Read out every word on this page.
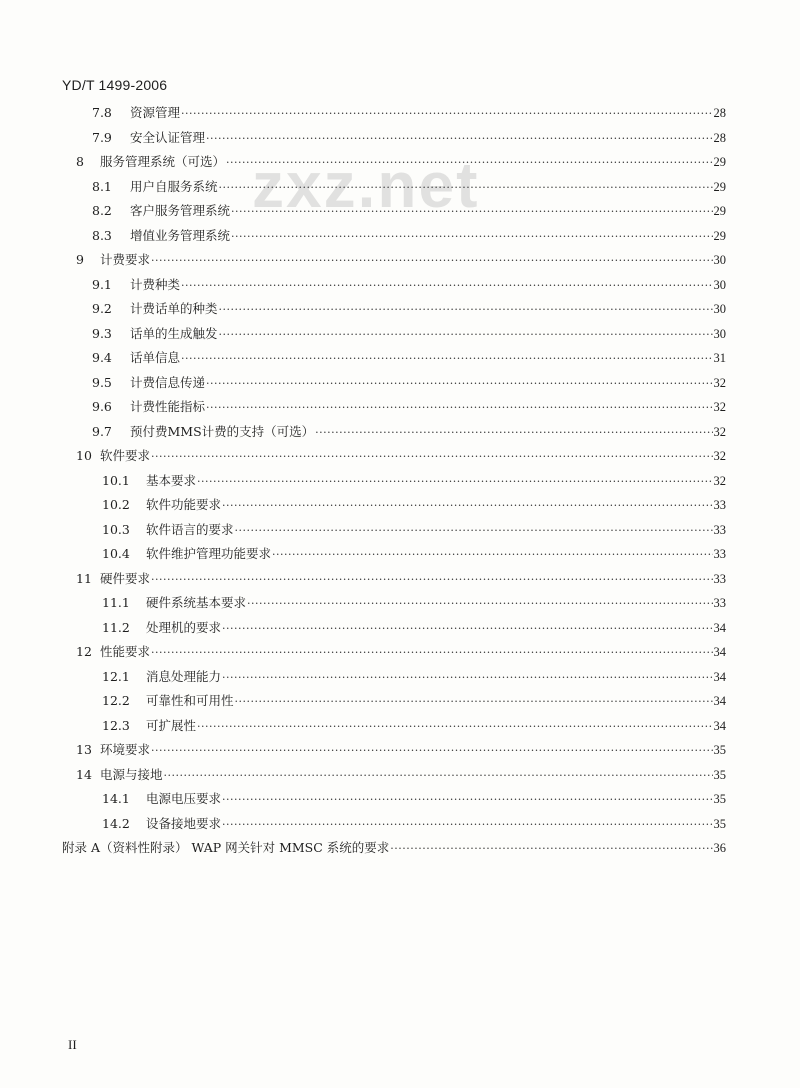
YD/T 1499-2006
zxz.net
7.8	资源管理 ·····	28
7.9	安全认证管理 ·····	28
8	服务管理系统（可选） ·····	29
8.1	用户自服务系统 ·····	29
8.2	客户服务管理系统 ·····	29
8.3	增值业务管理系统 ·····	29
9	计费要求 ·····	30
9.1	计费种类 ·····	30
9.2	计费话单的种类 ·····	30
9.3	话单的生成触发 ·····	30
9.4	话单信息 ·····	31
9.5	计费信息传递 ·····	32
9.6	计费性能指标 ·····	32
9.7	预付费MMS计费的支持（可选） ·····	32
10 软件要求 ·····	32
10.1	基本要求 ·····	32
10.2	软件功能要求 ·····	33
10.3	软件语言的要求 ·····	33
10.4	软件维护管理功能要求 ·····	33
11 硬件要求 ·····	33
11.1	硬件系统基本要求 ·····	33
11.2	处理机的要求 ·····	34
12 性能要求 ·····	34
12.1	消息处理能力 ·····	34
12.2	可靠性和可用性 ·····	34
12.3	可扩展性 ·····	34
13 环境要求 ·····	35
14 电源与接地 ·····	35
14.1	电源电压要求 ·····	35
14.2	设备接地要求 ·····	35
附录 A（资料性附录） WAP 网关针对 MMSC 系统的要求 ·····	36
II
